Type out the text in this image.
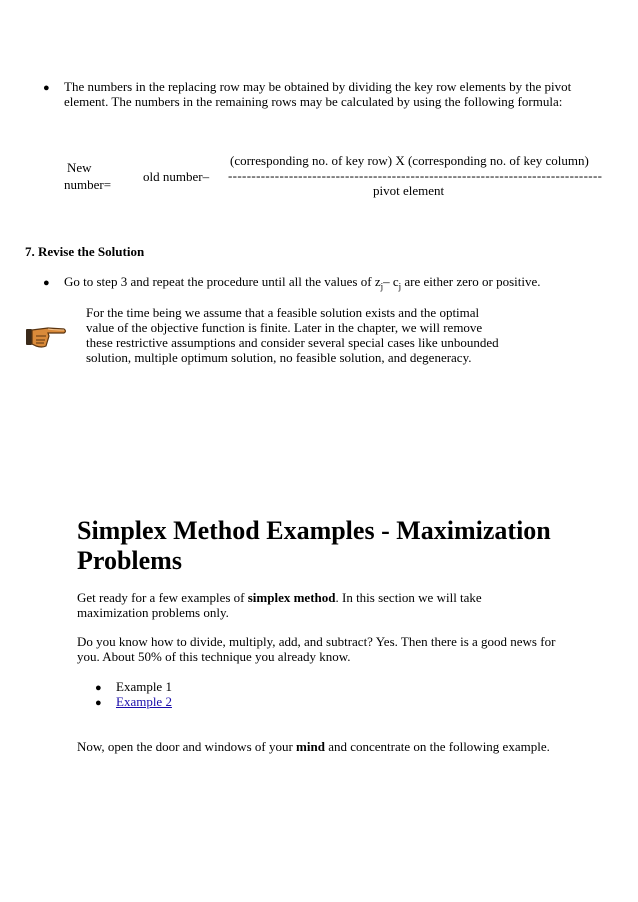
● The numbers in the replacing row may be obtained by dividing the key row elements by the pivot element. The numbers in the remaining rows may be calculated by using the following formula:
New
number=
old number–
(corresponding no. of key row) X (corresponding no. of key column)
--------------------------------------------------------------------------------
pivot element
7. Revise the Solution
● Go to step 3 and repeat the procedure until all the values of $z_j-$ $c_j$ are either zero or positive.
For the time being we assume that a feasible solution exists and the optimal value of the objective function is finite. Later in the chapter, we will remove these restrictive assumptions and consider several special cases like unbounded solution, multiple optimum solution, no feasible solution, and degeneracy.
Simplex Method Examples - Maximization
Problems
Get ready for a few examples of simplex method. In this section we will take maximization problems only.
Do you know how to divide, multiply, add, and subtract? Yes. Then there is a good news for you. About 50% of this technique you already know.
● Example 1
● Example 2
Now, open the door and windows of your mind and concentrate on the following example.
